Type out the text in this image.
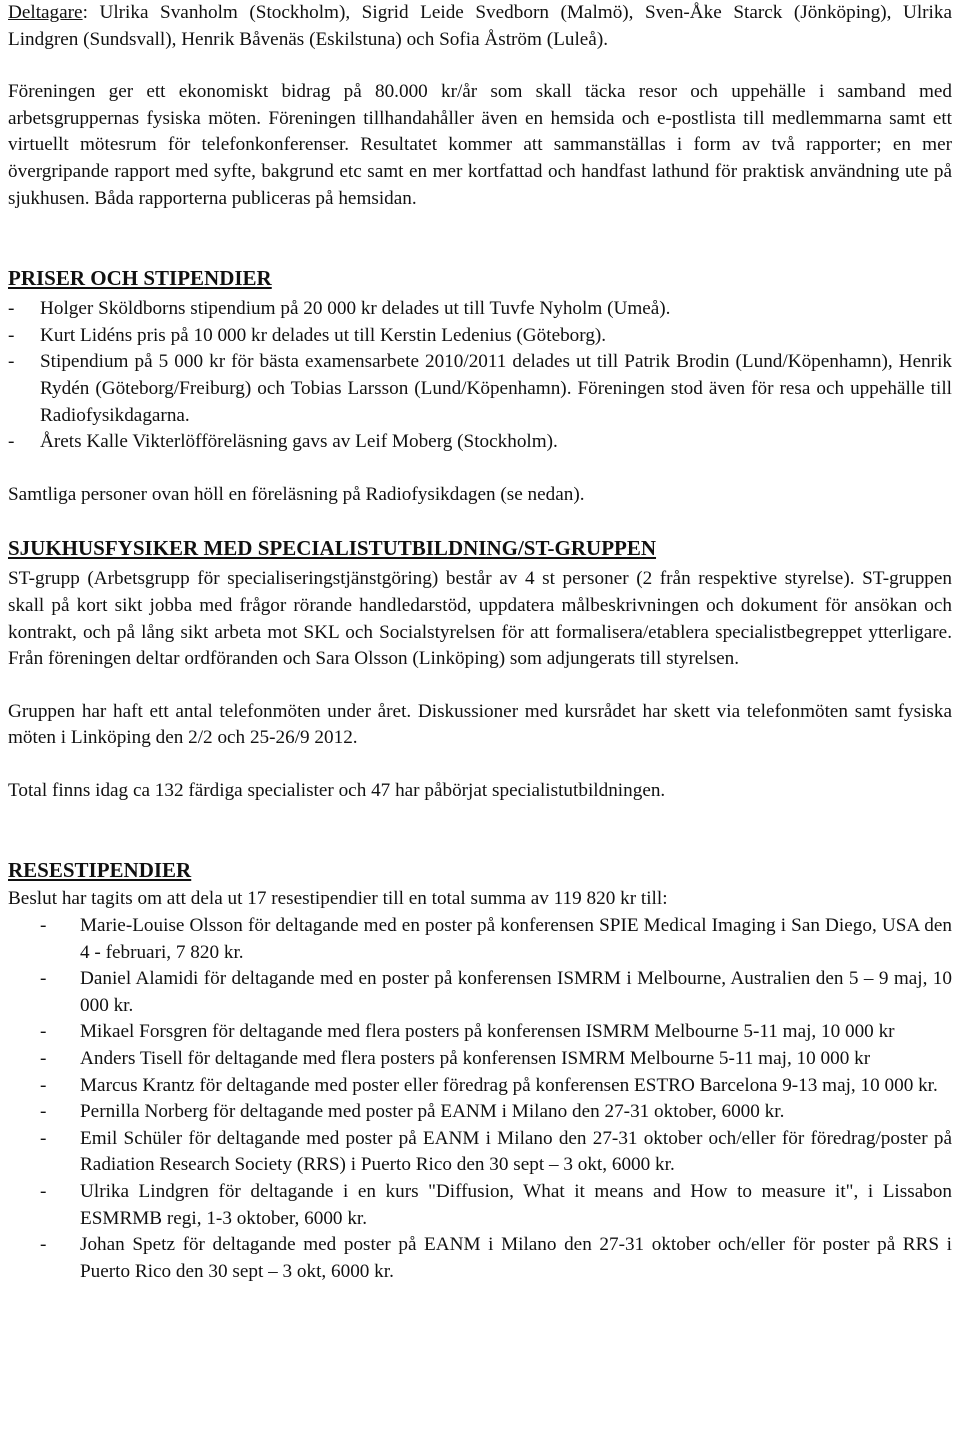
Deltagare: Ulrika Svanholm (Stockholm), Sigrid Leide Svedborn (Malmö), Sven-Åke Starck (Jönköping), Ulrika Lindgren (Sundsvall), Henrik Båvenäs (Eskilstuna) och Sofia Åström (Luleå).

Föreningen ger ett ekonomiskt bidrag på 80.000 kr/år som skall täcka resor och uppehälle i samband med arbetsgruppernas fysiska möten. Föreningen tillhandahåller även en hemsida och e-postlista till medlemmarna samt ett virtuellt mötesrum för telefonkonferenser. Resultatet kommer att sammanställas i form av två rapporter; en mer övergripande rapport med syfte, bakgrund etc samt en mer kortfattad och handfast lathund för praktisk användning ute på sjukhusen. Båda rapporterna publiceras på hemsidan.

PRISER OCH STIPENDIER
- Holger Sköldborns stipendium på 20 000 kr delades ut till Tuvfe Nyholm (Umeå).
- Kurt Lidéns pris på 10 000 kr delades ut till Kerstin Ledenius (Göteborg).
- Stipendium på 5 000 kr för bästa examensarbete 2010/2011 delades ut till Patrik Brodin (Lund/Köpenhamn), Henrik Rydén (Göteborg/Freiburg) och Tobias Larsson (Lund/Köpenhamn). Föreningen stod även för resa och uppehälle till Radiofysikdagarna.
- Årets Kalle Vikterlöfföreläsning gavs av Leif Moberg (Stockholm).

Samtliga personer ovan höll en föreläsning på Radiofysikdagen (se nedan).

SJUKHUSFYSIKER MED SPECIALISTUTBILDNING/ST-GRUPPEN

ST-grupp (Arbetsgrupp för specialiseringstjänstgöring) består av 4 st personer (2 från respektive styrelse). ST-gruppen skall på kort sikt jobba med frågor rörande handledarstöd, uppdatera målbeskrivningen och dokument för ansökan och kontrakt, och på lång sikt arbeta mot SKL och Socialstyrelsen för att formalisera/etablera specialistbegreppet ytterligare. Från föreningen deltar ordföranden och Sara Olsson (Linköping) som adjungerats till styrelsen.

Gruppen har haft ett antal telefonmöten under året. Diskussioner med kursrådet har skett via telefonmöten samt fysiska möten i Linköping den 2/2 och 25-26/9 2012.

Total finns idag ca 132 färdiga specialister och 47 har påbörjat specialistutbildningen.

RESESTIPENDIER

Beslut har tagits om att dela ut 17 resestipendier till en total summa av 119 820 kr till:

- Marie-Louise Olsson för deltagande med en poster på konferensen SPIE Medical Imaging i San Diego, USA den 4 - februari, 7 820 kr.
- Daniel Alamidi för deltagande med en poster på konferensen ISMRM i Melbourne, Australien den 5 – 9 maj, 10 000 kr.
- Mikael Forsgren för deltagande med flera posters på konferensen ISMRM Melbourne 5-11 maj, 10 000 kr
- Anders Tisell för deltagande med flera posters på konferensen ISMRM Melbourne 5-11 maj, 10 000 kr
- Marcus Krantz för deltagande med poster eller föredrag på konferensen ESTRO Barcelona 9-13 maj, 10 000 kr.
- Pernilla Norberg för deltagande med poster på EANM i Milano den 27-31 oktober, 6000 kr.
- Emil Schüler för deltagande med poster på EANM i Milano den 27-31 oktober och/eller för föredrag/poster på Radiation Research Society (RRS) i Puerto Rico den 30 sept – 3 okt, 6000 kr.
- Ulrika Lindgren för deltagande i en kurs "Diffusion, What it means and How to measure it", i Lissabon ESMRMB regi, 1-3 oktober, 6000 kr.
- Johan Spetz för deltagande med poster på EANM i Milano den 27-31 oktober och/eller för poster på RRS i Puerto Rico den 30 sept – 3 okt, 6000 kr.
